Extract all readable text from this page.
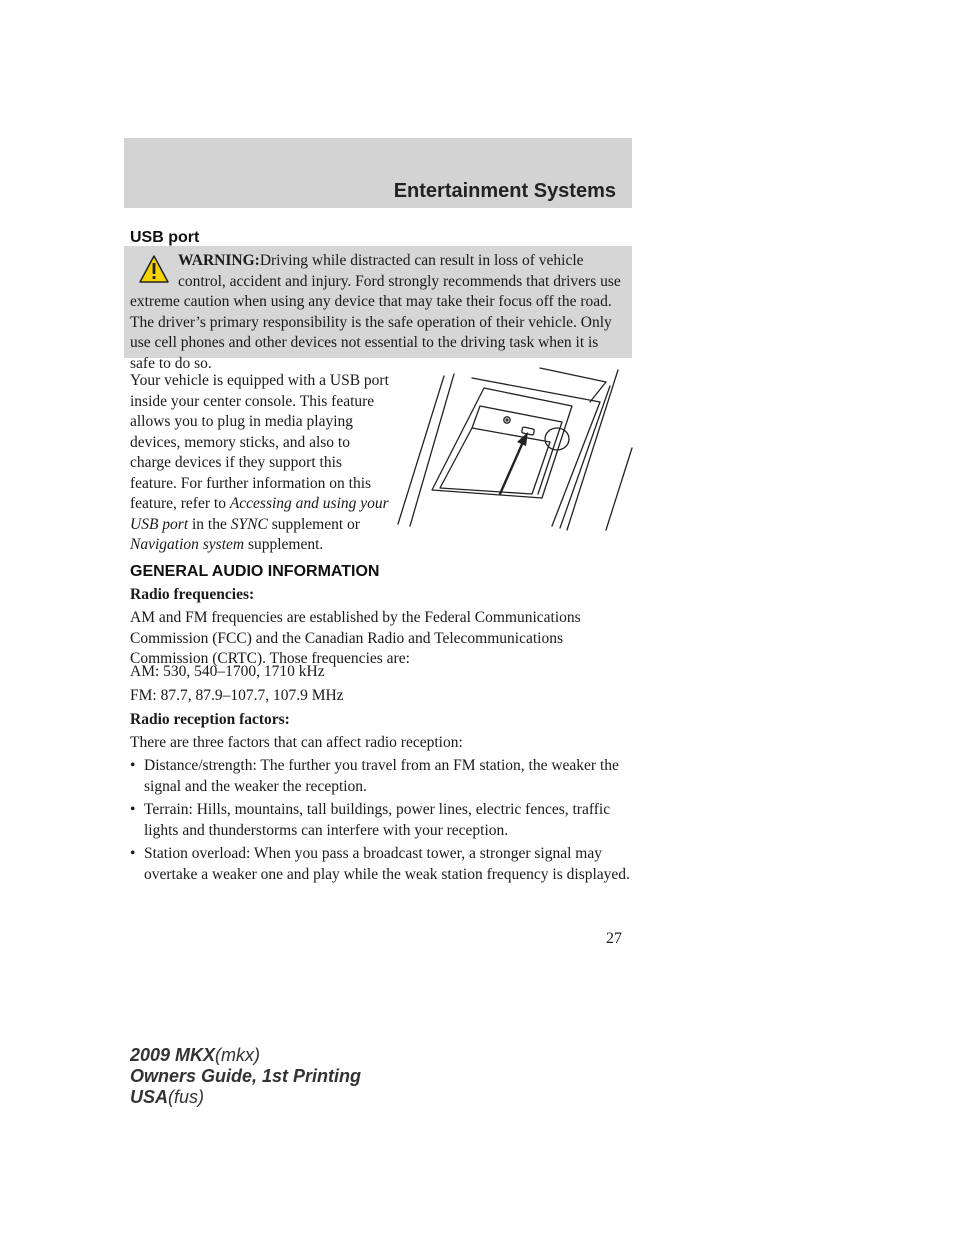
Entertainment Systems
USB port
WARNING:Driving while distracted can result in loss of vehicle control, accident and injury. Ford strongly recommends that drivers use extreme caution when using any device that may take their focus off the road. The driver’s primary responsibility is the safe operation of their vehicle. Only use cell phones and other devices not essential to the driving task when it is safe to do so.
Your vehicle is equipped with a USB port inside your center console. This feature allows you to plug in media playing devices, memory sticks, and also to charge devices if they support this feature. For further information on this feature, refer to Accessing and using your USB port in the SYNC supplement or Navigation system supplement.
GENERAL AUDIO INFORMATION
Radio frequencies:
AM and FM frequencies are established by the Federal Communications Commission (FCC) and the Canadian Radio and Telecommunications Commission (CRTC). Those frequencies are:
AM: 530, 540–1700, 1710 kHz
FM: 87.7, 87.9–107.7, 107.9 MHz
Radio reception factors:
There are three factors that can affect radio reception:
• Distance/strength: The further you travel from an FM station, the weaker the signal and the weaker the reception.
• Terrain: Hills, mountains, tall buildings, power lines, electric fences, traffic lights and thunderstorms can interfere with your reception.
• Station overload: When you pass a broadcast tower, a stronger signal may overtake a weaker one and play while the weak station frequency is displayed.
27
2009 MKX(mkx)
Owners Guide, 1st Printing
USA(fus)
